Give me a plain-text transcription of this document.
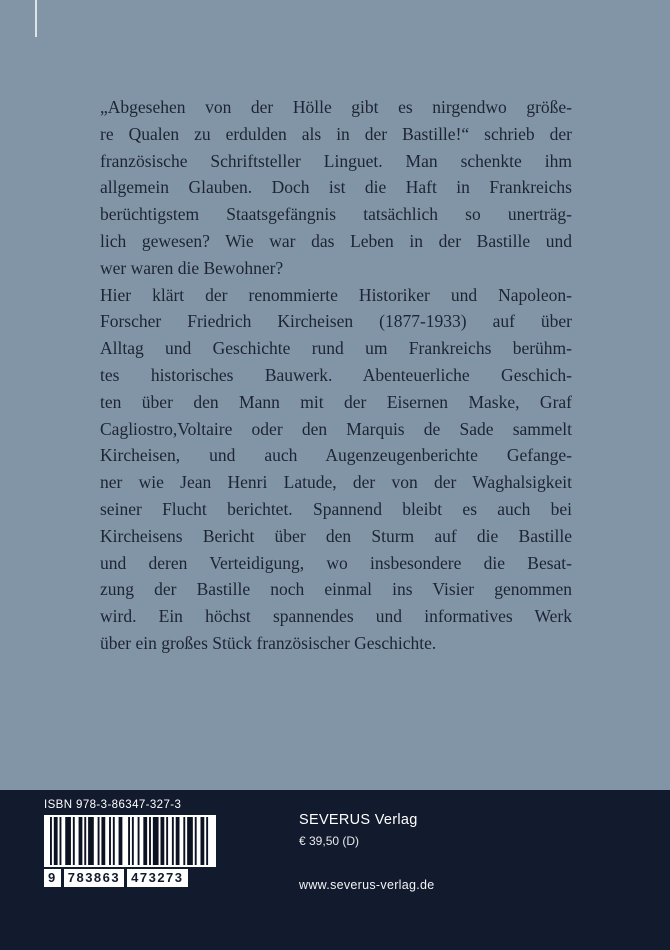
„Abgesehen von der Hölle gibt es nirgendwo größe-
re Qualen zu erdulden als in der Bastille!“ schrieb der
französische Schriftsteller Linguet. Man schenkte ihm
allgemein Glauben. Doch ist die Haft in Frankreichs
berüchtigstem Staatsgefängnis tatsächlich so unerträg-
lich gewesen? Wie war das Leben in der Bastille und
wer waren die Bewohner?
Hier klärt der renommierte Historiker und Napoleon-
Forscher Friedrich Kircheisen (1877-1933) auf über
Alltag und Geschichte rund um Frankreichs berühm-
tes historisches Bauwerk. Abenteuerliche Geschich-
ten über den Mann mit der Eisernen Maske, Graf
Cagliostro,Voltaire oder den Marquis de Sade sammelt
Kircheisen, und auch Augenzeugenberichte Gefange-
ner wie Jean Henri Latude, der von der Waghalsigkeit
seiner Flucht berichtet. Spannend bleibt es auch bei
Kircheisens Bericht über den Sturm auf die Bastille
und deren Verteidigung, wo insbesondere die Besat-
zung der Bastille noch einmal ins Visier genommen
wird. Ein höchst spannendes und informatives Werk
über ein großes Stück französischer Geschichte.
ISBN 978-3-86347-327-3
9 783863 473273
SEVERUS Verlag
€ 39,50 (D)
www.severus-verlag.de
